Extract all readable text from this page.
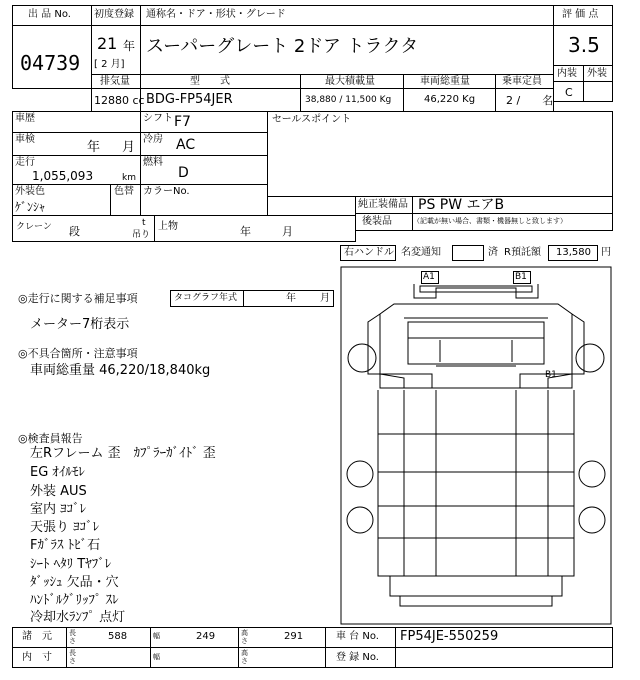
出 品 No.
04739
初度登録
21 年
[ 2 月]
通称名・ドア・形状・グレード
スーパーグレート 2ドア トラクタ
評 価 点
3.5
内装 外装
C
排気量	型　　式	最大積載量	車両総重量	乗車定員
12880 cc BDG-FP54JER	38,880 / 11,500 Kg	46,220 Kg	2 /　　名
車歴	シフト F7
車検
年 月
冷房 AC
走行
1,055,093	km
燃料
D
外装色
ｹﾞﾝｼｬ
色替 カラーNo.
セールスポイント
純正装備品 PS PW エアB
後装品	（記載が無い場合、書類・機器無しと致します）
クレーン 段
t
吊り
上物	年	月
右ハンドル 名変通知	済 R預託額 13,580 円
◎走行に関する補足事項	タコグラフ年式	年 月
メーター7桁表示
◎不具合箇所・注意事項
車両総重量 46,220/18,840kg
◎検査員報告
左Rフレーム 歪　ｶﾌﾟﾗｰｶﾞｲﾄﾞ 歪
EG ｵｲﾙﾓﾚ
外装 AUS
室内 ﾖｺﾞﾚ
天張り ﾖｺﾞﾚ
Fｶﾞﾗｽ ﾄﾋﾞ石
ｼｰﾄ ﾍﾀﾘ Tﾔﾌﾞﾚ
ﾀﾞｯｼｭ 欠品・穴
ﾊﾝﾄﾞﾙｸﾞﾘｯﾌﾟ ｽﾚ
冷却水ﾗﾝﾌﾟ 点灯
A1	B1
B1
諸　元 長さ	588	幅	249	高さ	291	車 台 No. FP54JE-550259
内　寸 長さ	幅	高さ	登 録 No.
